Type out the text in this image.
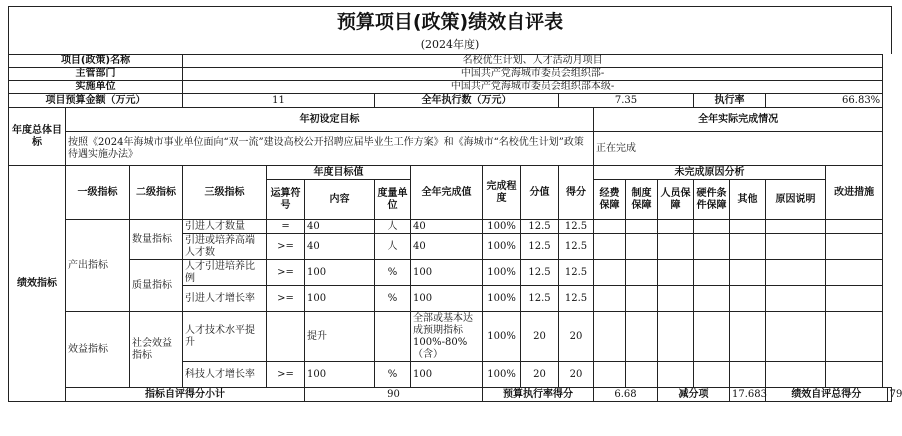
预算项目(政策)绩效自评表
(2024年度)
项目(政策)名称			名校优生计划、人才活动月项目															
主管部门			中国共产党海城市委员会组织部-															
实施单位			中国共产党海城市委员会组织部本级-															
项目预算金额（万元）			11			全年执行数（万元）				7.35				执行率		66.83%		
年度总体目标	年初设定目标										全年实际完成情况							
	按照《2024年海城市事业单位面向“双一流”建设高校公开招聘应届毕业生工作方案》和《海城市“名校优生计划”政策待遇实施办法》										正在完成							
绩效指标	一级指标	二级指标	三级指标	年度目标值			全年完成值	完成程度	分值	得分	未完成原因分析						改进措施	
				运算符号	内容	度量单位					经费保障	制度保障	人员保障	硬件条件保障	其他	原因说明		
	产出指标	数量指标	引进人才数量	=	40	人	40	100%	12.5	12.5								
			引进或培养高端人才数	>=	40	人	40	100%	12.5	12.5								
		质量指标	人才引进培养比例	>=	100	%	100	100%	12.5	12.5								
			引进人才增长率	>=	100	%	100	100%	12.5	12.5								
	效益指标	社会效益指标	人才技术水平提升		提升		全部或基本达成预期指标100%-80%（含）	100%	20	20								
			科技人才增长率	>=	100	%	100	100%	20	20								
	指标自评得分小计				90			预算执行率得分			6.68		减分项		17.683	绩效自评总得分		79
